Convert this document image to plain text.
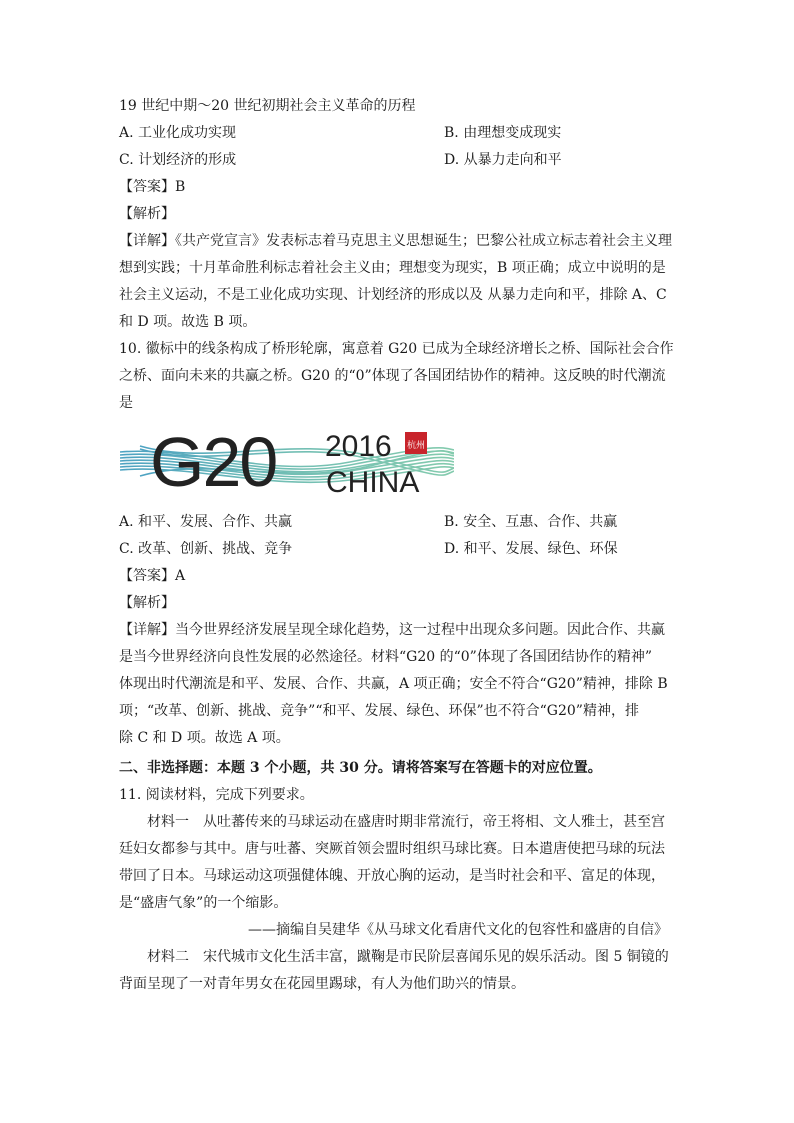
19 世纪中期～20 世纪初期社会主义革命的历程
A. 工业化成功实现	B. 由理想变成现实
C. 计划经济的形成	D. 从暴力走向和平
【答案】B
【解析】
【详解】《共产党宣言》发表标志着马克思主义思想诞生；巴黎公社成立标志着社会主义理
想到实践；十月革命胜利标志着社会主义由；理想变为现实，B 项正确；成立中说明的是
社会主义运动，不是工业化成功实现、计划经济的形成以及 从暴力走向和平，排除 A、C
和 D 项。故选 B 项。
10. 徽标中的线条构成了桥形轮廓，寓意着 G20 已成为全球经济增长之桥、国际社会合作
之桥、面向未来的共赢之桥。G20 的“0”体现了各国团结协作的精神。这反映的时代潮流
是
G20 2016 杭州
CHINA
A. 和平、发展、合作、共赢	B. 安全、互惠、合作、共赢
C. 改革、创新、挑战、竞争	D. 和平、发展、绿色、环保
【答案】A
【解析】
【详解】当今世界经济发展呈现全球化趋势，这一过程中出现众多问题。因此合作、共赢
是当今世界经济向良性发展的必然途径。材料“G20 的“0”体现了各国团结协作的精神”
体现出时代潮流是和平、发展、合作、共赢，A 项正确；安全不符合“G20”精神，排除 B
项；“改革、创新、挑战、竞争”“和平、发展、绿色、环保”也不符合“G20”精神，排
除 C 和 D 项。故选 A 项。
二、非选择题：本题 3 个小题，共 30 分。请将答案写在答题卡的对应位置。
11. 阅读材料，完成下列要求。
材料一　从吐蕃传来的马球运动在盛唐时期非常流行，帝王将相、文人雅士，甚至宫
廷妇女都参与其中。唐与吐蕃、突厥首领会盟时组织马球比赛。日本遣唐使把马球的玩法
带回了日本。马球运动这项强健体魄、开放心胸的运动，是当时社会和平、富足的体现，
是“盛唐气象”的一个缩影。
——摘编自吴建华《从马球文化看唐代文化的包容性和盛唐的自信》
材料二　宋代城市文化生活丰富，蹴鞠是市民阶层喜闻乐见的娱乐活动。图 5 铜镜的
背面呈现了一对青年男女在花园里踢球，有人为他们助兴的情景。
